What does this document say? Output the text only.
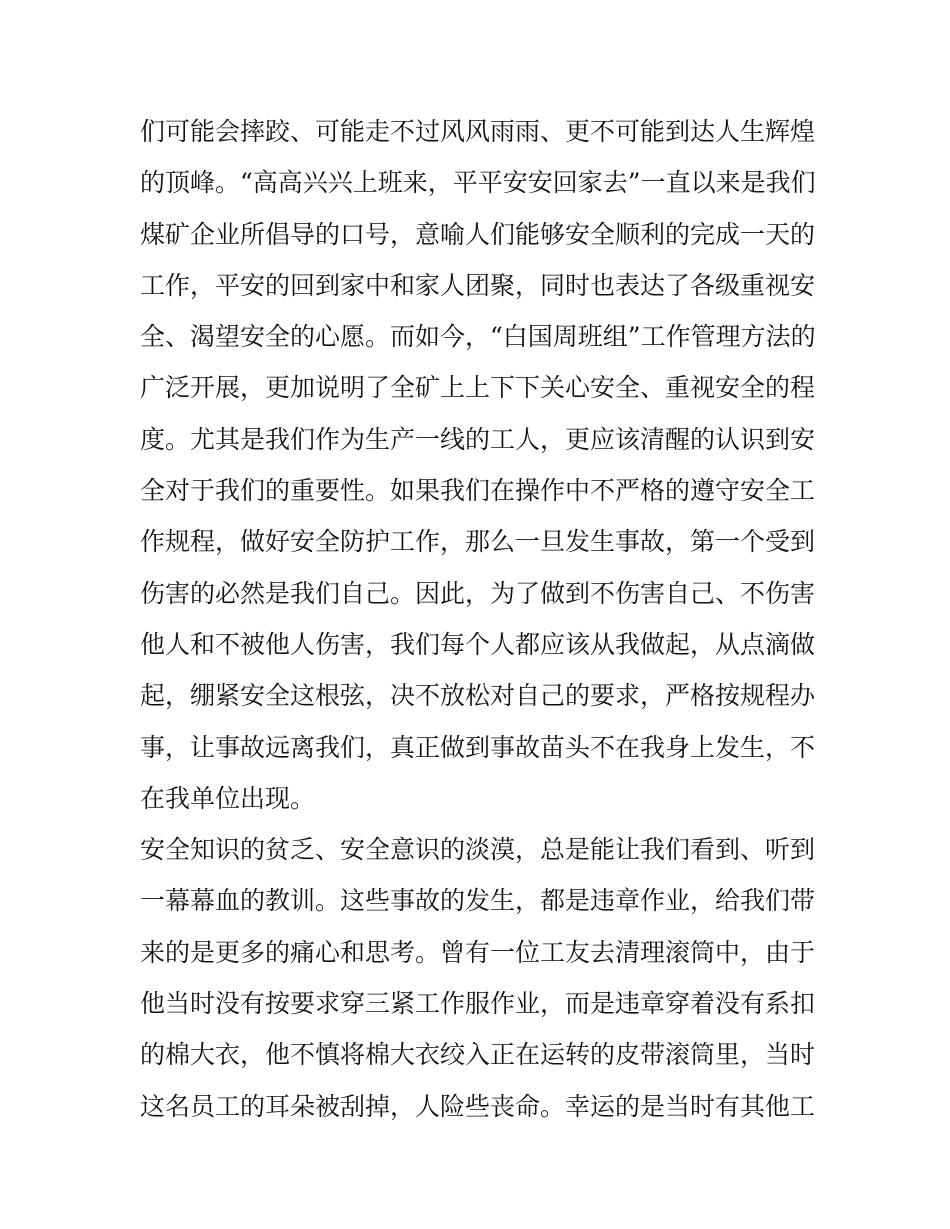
们可能会摔跤、可能走不过风风雨雨、更不可能到达人生辉煌

的顶峰。“高高兴兴上班来，平平安安回家去”一直以来是我们

煤矿企业所倡导的口号，意喻人们能够安全顺利的完成一天的

工作，平安的回到家中和家人团聚，同时也表达了各级重视安

全、渴望安全的心愿。而如今，“白国周班组”工作管理方法的

广泛开展，更加说明了全矿上上下下关心安全、重视安全的程

度。尤其是我们作为生产一线的工人，更应该清醒的认识到安

全对于我们的重要性。如果我们在操作中不严格的遵守安全工

作规程，做好安全防护工作，那么一旦发生事故，第一个受到

伤害的必然是我们自己。因此，为了做到不伤害自己、不伤害

他人和不被他人伤害，我们每个人都应该从我做起，从点滴做

起，绷紧安全这根弦，决不放松对自己的要求，严格按规程办

事，让事故远离我们，真正做到事故苗头不在我身上发生，不

在我单位出现。

安全知识的贫乏、安全意识的淡漠，总是能让我们看到、听到

一幕幕血的教训。这些事故的发生，都是违章作业，给我们带

来的是更多的痛心和思考。曾有一位工友去清理滚筒中，由于

他当时没有按要求穿三紧工作服作业，而是违章穿着没有系扣

的棉大衣，他不慎将棉大衣绞入正在运转的皮带滚筒里，当时

这名员工的耳朵被刮掉，人险些丧命。幸运的是当时有其他工
